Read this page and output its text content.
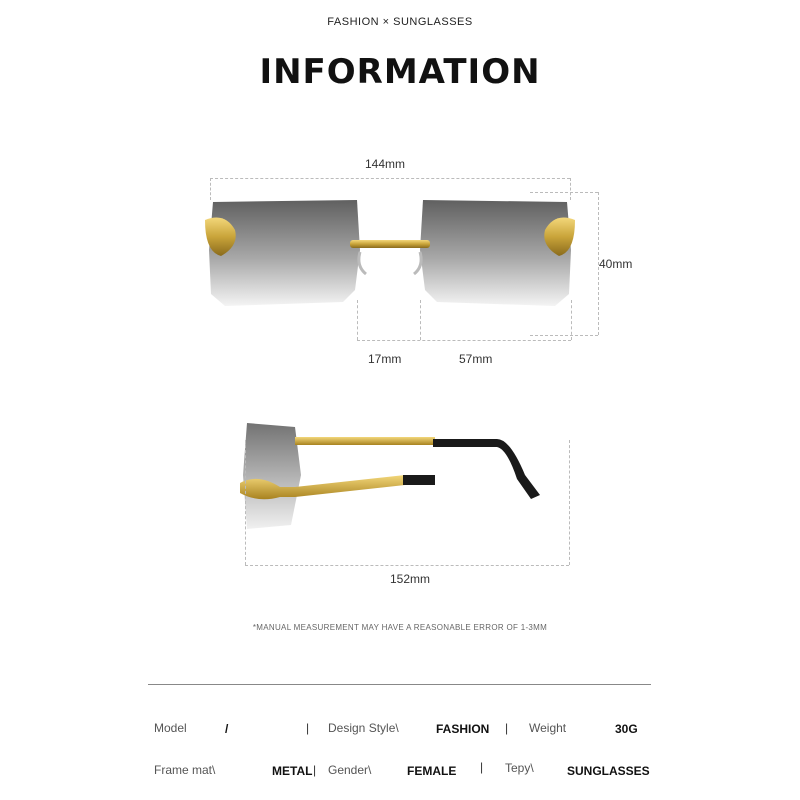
FASHION × SUNGLASSES
INFORMATION
144mm
40mm
17mm	57mm
152mm
*MANUAL MEASUREMENT MAY HAVE A REASONABLE ERROR OF 1-3MM
Model	/	| Design Style\	FASHION | Weight	30G
Frame mat\	METAL | Gender\	FEMALE | Tepy\	SUNGLASSES
